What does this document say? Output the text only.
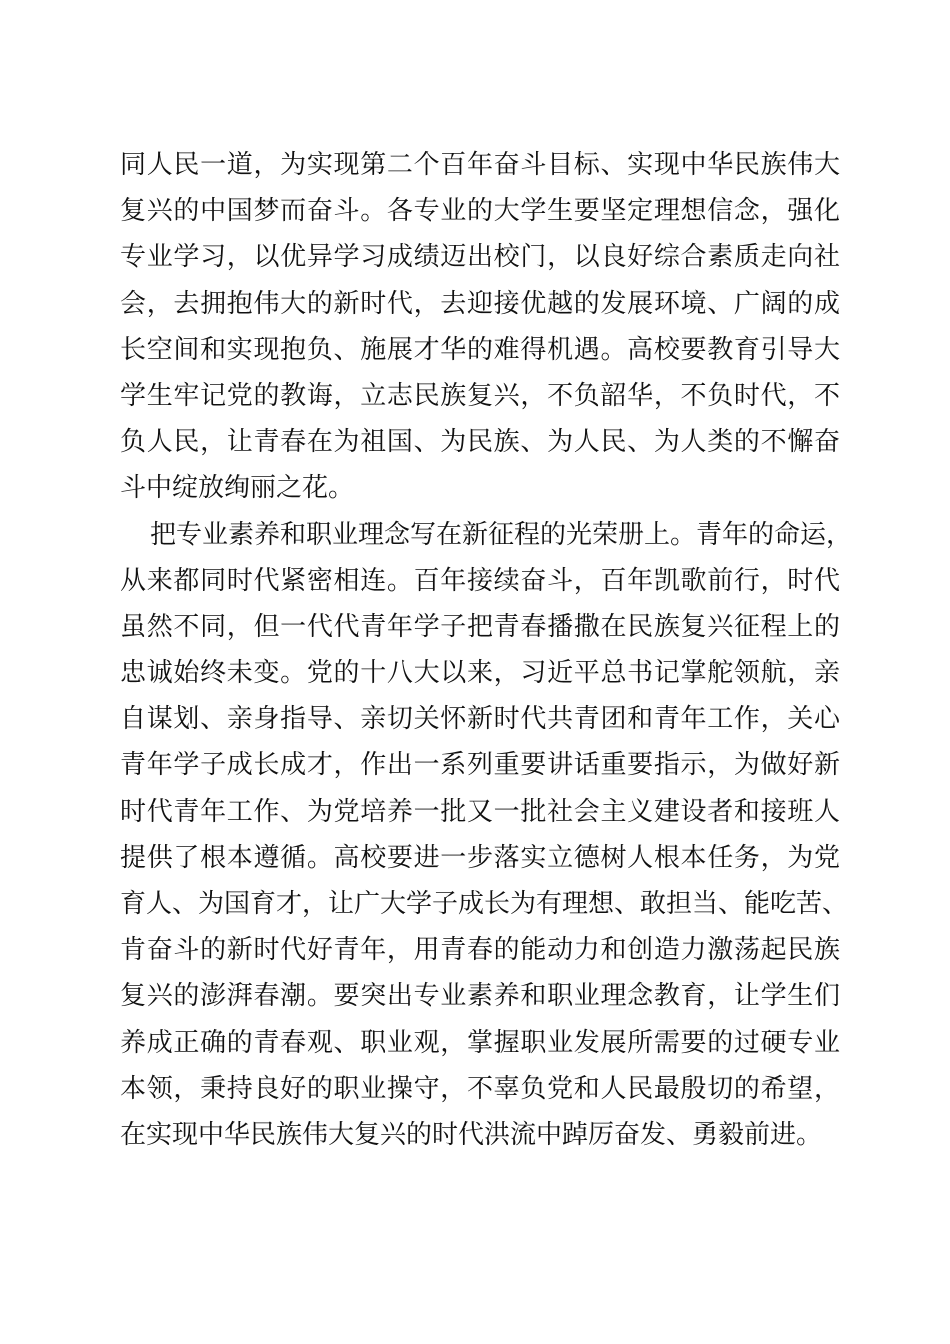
同人民一道，为实现第二个百年奋斗目标、实现中华民族伟大
复兴的中国梦而奋斗。各专业的大学生要坚定理想信念，强化
专业学习，以优异学习成绩迈出校门，以良好综合素质走向社
会，去拥抱伟大的新时代，去迎接优越的发展环境、广阔的成
长空间和实现抱负、施展才华的难得机遇。高校要教育引导大
学生牢记党的教诲，立志民族复兴，不负韶华，不负时代，不
负人民，让青春在为祖国、为民族、为人民、为人类的不懈奋
斗中绽放绚丽之花。
把专业素养和职业理念写在新征程的光荣册上。青年的命运，
从来都同时代紧密相连。百年接续奋斗，百年凯歌前行，时代
虽然不同，但一代代青年学子把青春播撒在民族复兴征程上的
忠诚始终未变。党的十八大以来，习近平总书记掌舵领航，亲
自谋划、亲身指导、亲切关怀新时代共青团和青年工作，关心
青年学子成长成才，作出一系列重要讲话重要指示，为做好新
时代青年工作、为党培养一批又一批社会主义建设者和接班人
提供了根本遵循。高校要进一步落实立德树人根本任务，为党
育人、为国育才，让广大学子成长为有理想、敢担当、能吃苦、
肯奋斗的新时代好青年，用青春的能动力和创造力激荡起民族
复兴的澎湃春潮。要突出专业素养和职业理念教育，让学生们
养成正确的青春观、职业观，掌握职业发展所需要的过硬专业
本领，秉持良好的职业操守，不辜负党和人民最殷切的希望，
在实现中华民族伟大复兴的时代洪流中踔厉奋发、勇毅前进。
